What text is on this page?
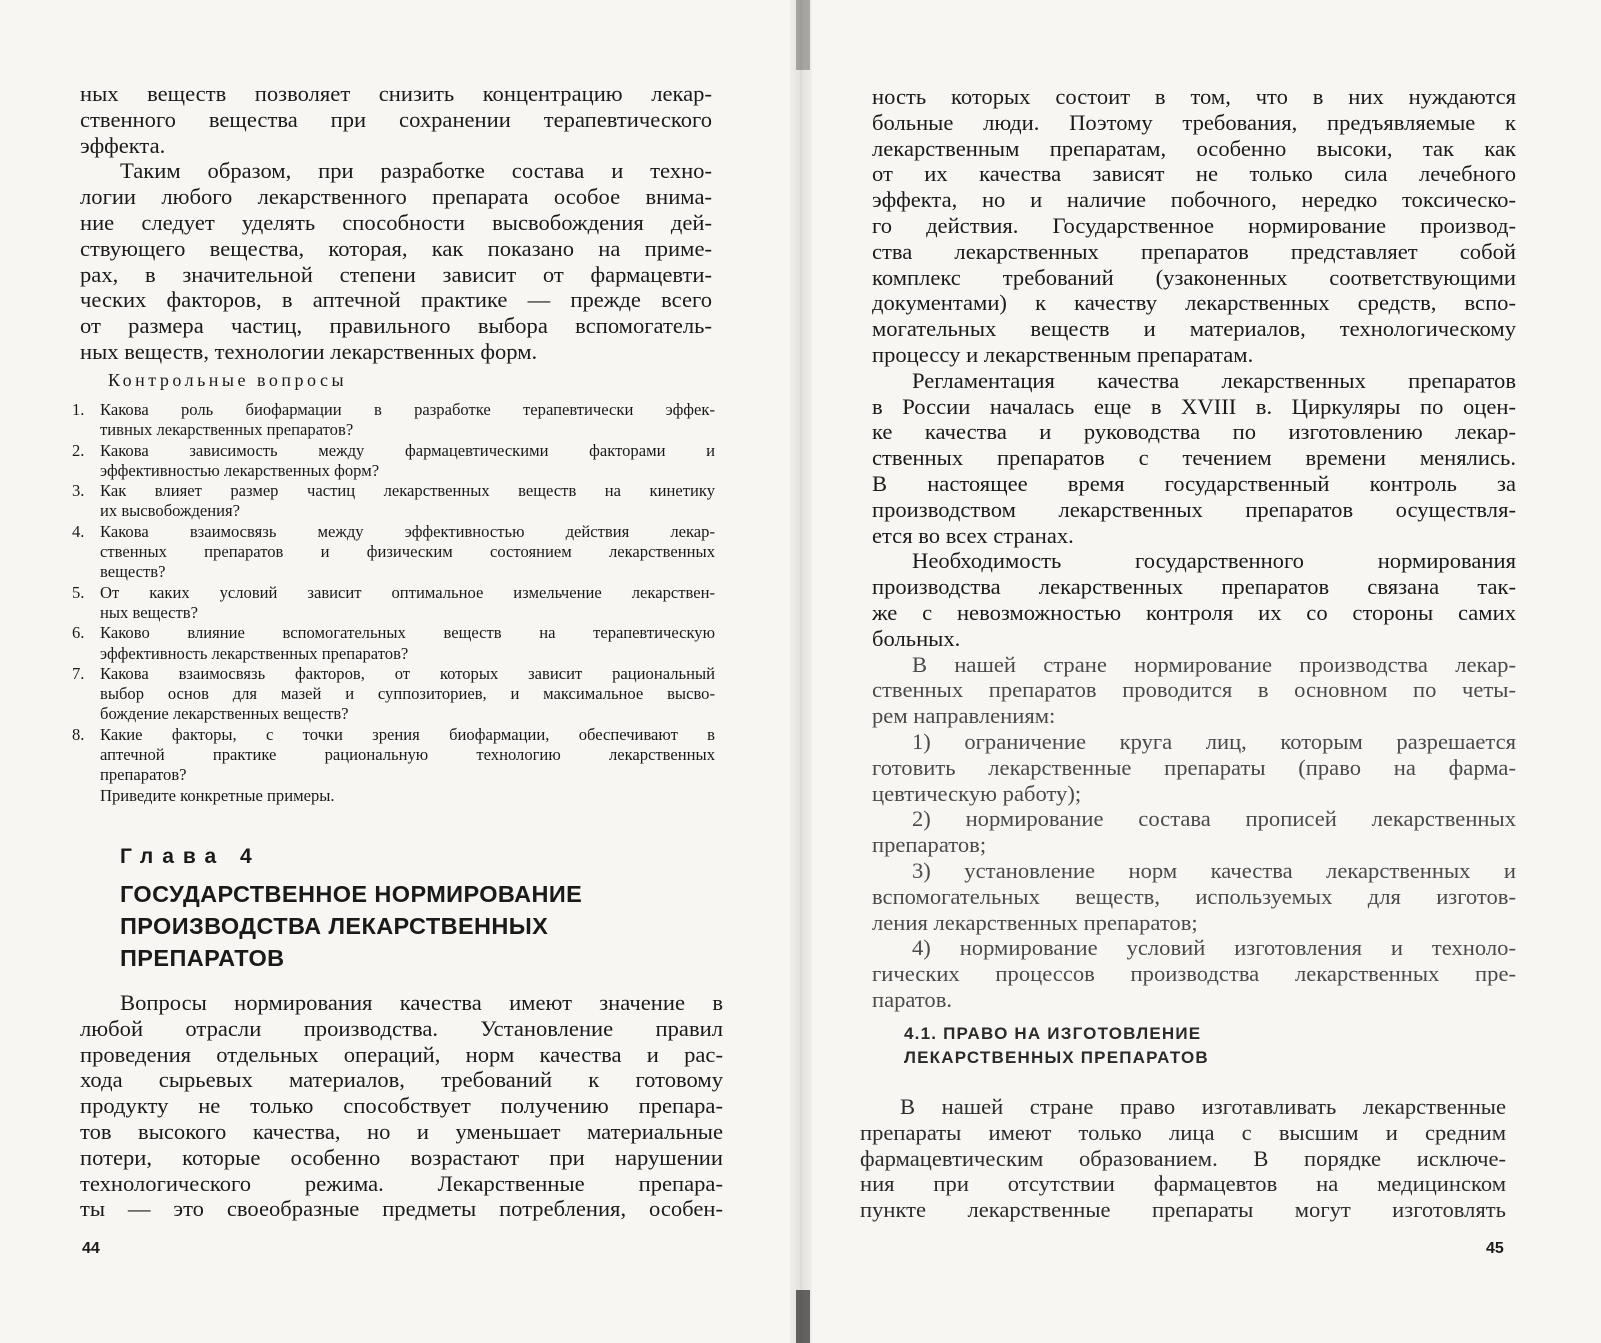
ных веществ позволяет снизить концентрацию лекар-
ственного вещества при сохранении терапевтического
эффекта.

Таким образом, при разработке состава и техно-
логии любого лекарственного препарата особое внима-
ние следует уделять способности высвобождения дей-
ствующего вещества, которая, как показано на приме-
рах, в значительной степени зависит от фармацевти-
ческих факторов, в аптечной практике — прежде всего
от размера частиц, правильного выбора вспомогатель-
ных веществ, технологии лекарственных форм.

Контрольные вопросы

1. Какова роль биофармации в разработке терапевтически эффек-
тивных лекарственных препаратов?
2. Какова зависимость между фармацевтическими факторами и
эффективностью лекарственных форм?
3. Как влияет размер частиц лекарственных веществ на кинетику
их высвобождения?
4. Какова взаимосвязь между эффективностью действия лекар-
ственных препаратов и физическим состоянием лекарственных
веществ?
5. От каких условий зависит оптимальное измельчение лекарствен-
ных веществ?
6. Каково влияние вспомогательных веществ на терапевтическую
эффективность лекарственных препаратов?
7. Какова взаимосвязь факторов, от которых зависит рациональный
выбор основ для мазей и суппозиториев, и максимальное высво-
бождение лекарственных веществ?
8. Какие факторы, с точки зрения биофармации, обеспечивают в
аптечной практике рациональную технологию лекарственных
препаратов?
Приведите конкретные примеры.

Глава 4

ГОСУДАРСТВЕННОЕ НОРМИРОВАНИЕ
ПРОИЗВОДСТВА ЛЕКАРСТВЕННЫХ
ПРЕПАРАТОВ

Вопросы нормирования качества имеют значение в
любой отрасли производства. Установление правил
проведения отдельных операций, норм качества и рас-
хода сырьевых материалов, требований к готовому
продукту не только способствует получению препара-
тов высокого качества, но и уменьшает материальные
потери, которые особенно возрастают при нарушении
технологического режима. Лекарственные препара-
ты — это своеобразные предметы потребления, особен-

44

ность которых состоит в том, что в них нуждаются
больные люди. Поэтому требования, предъявляемые к
лекарственным препаратам, особенно высоки, так как
от их качества зависят не только сила лечебного
эффекта, но и наличие побочного, нередко токсическо-
го действия. Государственное нормирование производ-
ства лекарственных препаратов представляет собой
комплекс требований (узаконенных соответствующими
документами) к качеству лекарственных средств, вспо-
могательных веществ и материалов, технологическому
процессу и лекарственным препаратам.

Регламентация качества лекарственных препаратов
в России началась еще в XVIII в. Циркуляры по оцен-
ке качества и руководства по изготовлению лекар-
ственных препаратов с течением времени менялись.
В настоящее время государственный контроль за
производством лекарственных препаратов осуществля-
ется во всех странах.

Необходимость государственного нормирования
производства лекарственных препаратов связана так-
же с невозможностью контроля их со стороны самих
больных.

В нашей стране нормирование производства лекар-
ственных препаратов проводится в основном по четы-
рем направлениям:

1) ограничение круга лиц, которым разрешается
готовить лекарственные препараты (право на фарма-
цевтическую работу);

2) нормирование состава прописей лекарственных
препаратов;

3) установление норм качества лекарственных и
вспомогательных веществ, используемых для изготов-
ления лекарственных препаратов;

4) нормирование условий изготовления и техноло-
гических процессов производства лекарственных пре-
паратов.

4.1. ПРАВО НА ИЗГОТОВЛЕНИЕ
ЛЕКАРСТВЕННЫХ ПРЕПАРАТОВ

В нашей стране право изготавливать лекарственные
препараты имеют только лица с высшим и средним
фармацевтическим образованием. В порядке исключе-
ния при отсутствии фармацевтов на медицинском
пункте лекарственные препараты могут изготовлять

45
